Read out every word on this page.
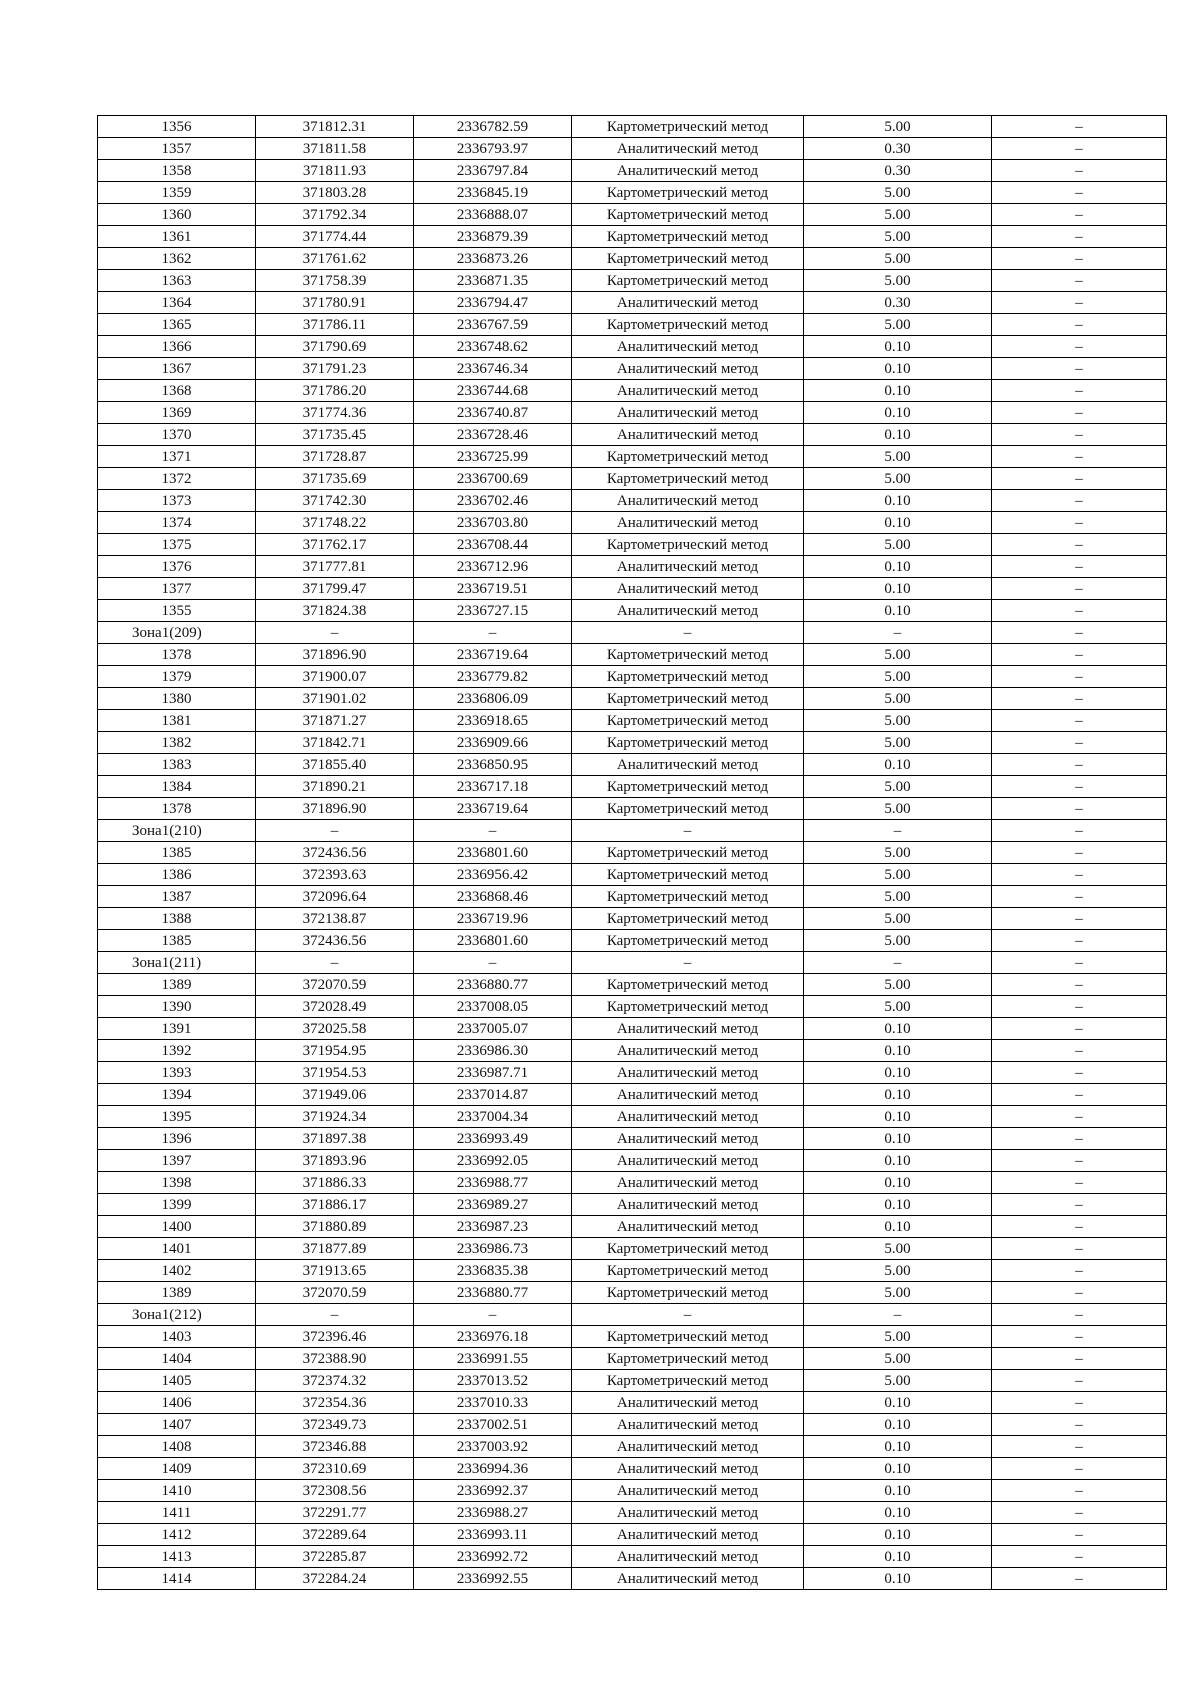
1356	371812.31	2336782.59	Картометрический метод	5.00	–
1357	371811.58	2336793.97	Аналитический метод	0.30	–
1358	371811.93	2336797.84	Аналитический метод	0.30	–
1359	371803.28	2336845.19	Картометрический метод	5.00	–
1360	371792.34	2336888.07	Картометрический метод	5.00	–
1361	371774.44	2336879.39	Картометрический метод	5.00	–
1362	371761.62	2336873.26	Картометрический метод	5.00	–
1363	371758.39	2336871.35	Картометрический метод	5.00	–
1364	371780.91	2336794.47	Аналитический метод	0.30	–
1365	371786.11	2336767.59	Картометрический метод	5.00	–
1366	371790.69	2336748.62	Аналитический метод	0.10	–
1367	371791.23	2336746.34	Аналитический метод	0.10	–
1368	371786.20	2336744.68	Аналитический метод	0.10	–
1369	371774.36	2336740.87	Аналитический метод	0.10	–
1370	371735.45	2336728.46	Аналитический метод	0.10	–
1371	371728.87	2336725.99	Картометрический метод	5.00	–
1372	371735.69	2336700.69	Картометрический метод	5.00	–
1373	371742.30	2336702.46	Аналитический метод	0.10	–
1374	371748.22	2336703.80	Аналитический метод	0.10	–
1375	371762.17	2336708.44	Картометрический метод	5.00	–
1376	371777.81	2336712.96	Аналитический метод	0.10	–
1377	371799.47	2336719.51	Аналитический метод	0.10	–
1355	371824.38	2336727.15	Аналитический метод	0.10	–
Зона1(209)	–	–	–	–	–
1378	371896.90	2336719.64	Картометрический метод	5.00	–
1379	371900.07	2336779.82	Картометрический метод	5.00	–
1380	371901.02	2336806.09	Картометрический метод	5.00	–
1381	371871.27	2336918.65	Картометрический метод	5.00	–
1382	371842.71	2336909.66	Картометрический метод	5.00	–
1383	371855.40	2336850.95	Аналитический метод	0.10	–
1384	371890.21	2336717.18	Картометрический метод	5.00	–
1378	371896.90	2336719.64	Картометрический метод	5.00	–
Зона1(210)	–	–	–	–	–
1385	372436.56	2336801.60	Картометрический метод	5.00	–
1386	372393.63	2336956.42	Картометрический метод	5.00	–
1387	372096.64	2336868.46	Картометрический метод	5.00	–
1388	372138.87	2336719.96	Картометрический метод	5.00	–
1385	372436.56	2336801.60	Картометрический метод	5.00	–
Зона1(211)	–	–	–	–	–
1389	372070.59	2336880.77	Картометрический метод	5.00	–
1390	372028.49	2337008.05	Картометрический метод	5.00	–
1391	372025.58	2337005.07	Аналитический метод	0.10	–
1392	371954.95	2336986.30	Аналитический метод	0.10	–
1393	371954.53	2336987.71	Аналитический метод	0.10	–
1394	371949.06	2337014.87	Аналитический метод	0.10	–
1395	371924.34	2337004.34	Аналитический метод	0.10	–
1396	371897.38	2336993.49	Аналитический метод	0.10	–
1397	371893.96	2336992.05	Аналитический метод	0.10	–
1398	371886.33	2336988.77	Аналитический метод	0.10	–
1399	371886.17	2336989.27	Аналитический метод	0.10	–
1400	371880.89	2336987.23	Аналитический метод	0.10	–
1401	371877.89	2336986.73	Картометрический метод	5.00	–
1402	371913.65	2336835.38	Картометрический метод	5.00	–
1389	372070.59	2336880.77	Картометрический метод	5.00	–
Зона1(212)	–	–	–	–	–
1403	372396.46	2336976.18	Картометрический метод	5.00	–
1404	372388.90	2336991.55	Картометрический метод	5.00	–
1405	372374.32	2337013.52	Картометрический метод	5.00	–
1406	372354.36	2337010.33	Аналитический метод	0.10	–
1407	372349.73	2337002.51	Аналитический метод	0.10	–
1408	372346.88	2337003.92	Аналитический метод	0.10	–
1409	372310.69	2336994.36	Аналитический метод	0.10	–
1410	372308.56	2336992.37	Аналитический метод	0.10	–
1411	372291.77	2336988.27	Аналитический метод	0.10	–
1412	372289.64	2336993.11	Аналитический метод	0.10	–
1413	372285.87	2336992.72	Аналитический метод	0.10	–
1414	372284.24	2336992.55	Аналитический метод	0.10	–
